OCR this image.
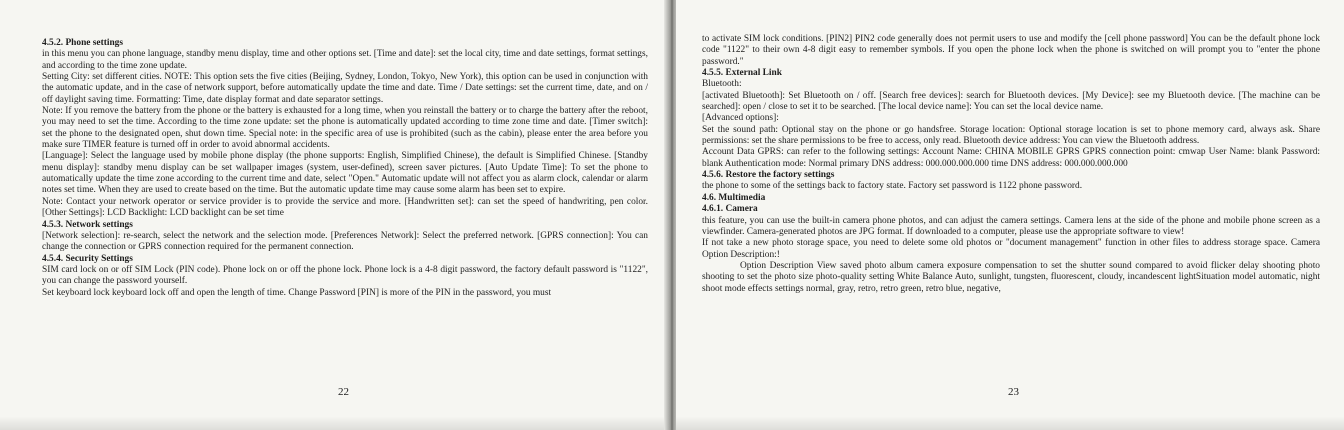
4.5.2. Phone settings

in this menu you can phone language, standby menu display, time and other options set. [Time and date]: set the local city, time and date settings, format settings, and according to the time zone update.

Setting City: set different cities. NOTE: This option sets the five cities (Beijing, Sydney, London, Tokyo, New York), this option can be used in conjunction with the automatic update, and in the case of network support, before automatically update the time and date. Time / Date settings: set the current time, date, and on / off daylight saving time. Formatting: Time, date display format and date separator settings.

Note: If you remove the battery from the phone or the battery is exhausted for a long time, when you reinstall the battery or to charge the battery after the reboot, you may need to set the time. According to the time zone update: set the phone is automatically updated according to time zone time and date. [Timer switch]: set the phone to the designated open, shut down time. Special note: in the specific area of use is prohibited (such as the cabin), please enter the area before you make sure TIMER feature is turned off in order to avoid abnormal accidents.

[Language]: Select the language used by mobile phone display (the phone supports: English, Simplified Chinese), the default is Simplified Chinese. [Standby menu display]: standby menu display can be set wallpaper images (system, user-defined), screen saver pictures. [Auto Update Time]: To set the phone to automatically update the time zone according to the current time and date, select "Open." Automatic update will not affect you as alarm clock, calendar or alarm notes set time. When they are used to create based on the time. But the automatic update time may cause some alarm has been set to expire.

Note: Contact your network operator or service provider is to provide the service and more. [Handwritten set]: can set the speed of handwriting, pen color. [Other Settings]: LCD Backlight: LCD backlight can be set time

4.5.3. Network settings

[Network selection]: re-search, select the network and the selection mode. [Preferences Network]: Select the preferred network. [GPRS connection]: You can change the connection or GPRS connection required for the permanent connection.

4.5.4. Security Settings

SIM card lock on or off SIM Lock (PIN code). Phone lock on or off the phone lock. Phone lock is a 4-8 digit password, the factory default password is "1122", you can change the password yourself.

Set keyboard lock keyboard lock off and open the length of time. Change Password [PIN] is more of the PIN in the password, you must

22

to activate SIM lock conditions. [PIN2] PIN2 code generally does not permit users to use and modify the [cell phone password] You can be the default phone lock code "1122" to their own 4-8 digit easy to remember symbols. If you open the phone lock when the phone is switched on will prompt you to "enter the phone password."

4.5.5. External Link

Bluetooth:

[activated Bluetooth]: Set Bluetooth on / off. [Search free devices]: search for Bluetooth devices. [My Device]: see my Bluetooth device. [The machine can be searched]: open / close to set it to be searched. [The local device name]: You can set the local device name.

[Advanced options]:

Set the sound path: Optional stay on the phone or go handsfree. Storage location: Optional storage location is set to phone memory card, always ask. Share permissions: set the share permissions to be free to access, only read. Bluetooth device address: You can view the Bluetooth address.

Account Data GPRS: can refer to the following settings: Account Name: CHINA MOBILE GPRS GPRS connection point: cmwap User Name: blank Password: blank Authentication mode: Normal primary DNS address: 000.000.000.000 time DNS address: 000.000.000.000

4.5.6. Restore the factory settings

the phone to some of the settings back to factory state. Factory set password is 1122 phone password.

4.6. Multimedia

4.6.1. Camera

this feature, you can use the built-in camera phone photos, and can adjust the camera settings. Camera lens at the side of the phone and mobile phone screen as a viewfinder. Camera-generated photos are JPG format. If downloaded to a computer, please use the appropriate software to view!

If not take a new photo storage space, you need to delete some old photos or "document management" function in other files to address storage space. Camera Option Description:!

Option Description View saved photo album camera exposure compensation to set the shutter sound compared to avoid flicker delay shooting photo shooting to set the photo size photo-quality setting White Balance Auto, sunlight, tungsten, fluorescent, cloudy, incandescent lightSituation model automatic, night shoot mode effects settings normal, gray, retro, retro green, retro blue, negative,

23
